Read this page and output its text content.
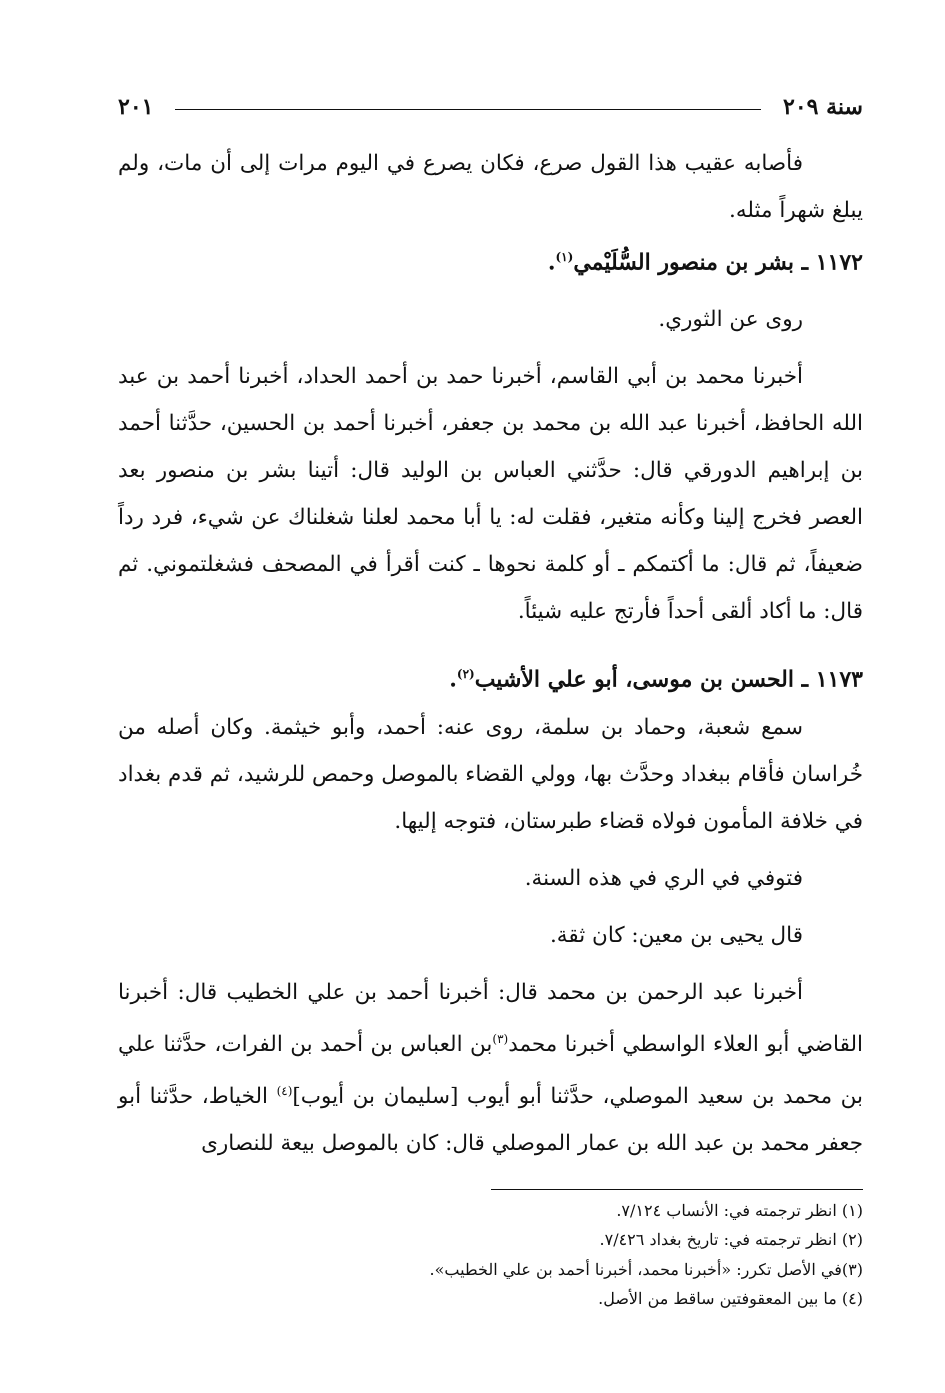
سنة ٢٠٩
٢٠١

فأصابه عقيب هذا القول صرع، فكان يصرع في اليوم مرات إلى أن مات، ولم يبلغ شهراً مثله.

١١٧٢ ـ بشر بن منصور السُّلَيْمي$^{(١)}$.

روى عن الثوري.

أخبرنا محمد بن أبي القاسم، أخبرنا حمد بن أحمد الحداد، أخبرنا أحمد بن عبد الله الحافظ، أخبرنا عبد الله بن محمد بن جعفر، أخبرنا أحمد بن الحسين، حدَّثنا أحمد بن إبراهيم الدورقي قال: حدَّثني العباس بن الوليد قال: أتينا بشر بن منصور بعد العصر فخرج إلينا وكأنه متغير، فقلت له: يا أبا محمد لعلنا شغلناك عن شيء، فرد رداً ضعيفاً، ثم قال: ما أكتمكم ـ أو كلمة نحوها ـ كنت أقرأ في المصحف فشغلتموني. ثم قال: ما أكاد ألقى أحداً فأرتج عليه شيئاً.

١١٧٣ ـ الحسن بن موسى، أبو علي الأشيب$^{(٢)}$.

سمع شعبة، وحماد بن سلمة، روى عنه: أحمد، وأبو خيثمة. وكان أصله من خُراسان فأقام ببغداد وحدَّث بها، وولي القضاء بالموصل وحمص للرشيد، ثم قدم بغداد في خلافة المأمون فولاه قضاء طبرستان، فتوجه إليها.

فتوفي في الري في هذه السنة.

قال يحيى بن معين: كان ثقة.

أخبرنا عبد الرحمن بن محمد قال: أخبرنا أحمد بن علي الخطيب قال: أخبرنا القاضي أبو العلاء الواسطي أخبرنا محمد$^{(٣)}$بن العباس بن أحمد بن الفرات، حدَّثنا علي بن محمد بن سعيد الموصلي، حدَّثنا أبو أيوب [سليمان بن أيوب]$^{(٤)}$ الخياط، حدَّثنا أبو جعفر محمد بن عبد الله بن عمار الموصلي قال: كان بالموصل بيعة للنصارى

(١) انظر ترجمته في: الأنساب ٧/١٢٤.

(٢) انظر ترجمته في: تاريخ بغداد ٧/٤٢٦.

(٣)في الأصل تكرر: «أخبرنا محمد، أخبرنا أحمد بن علي الخطيب».

(٤) ما بين المعقوفتين ساقط من الأصل.
